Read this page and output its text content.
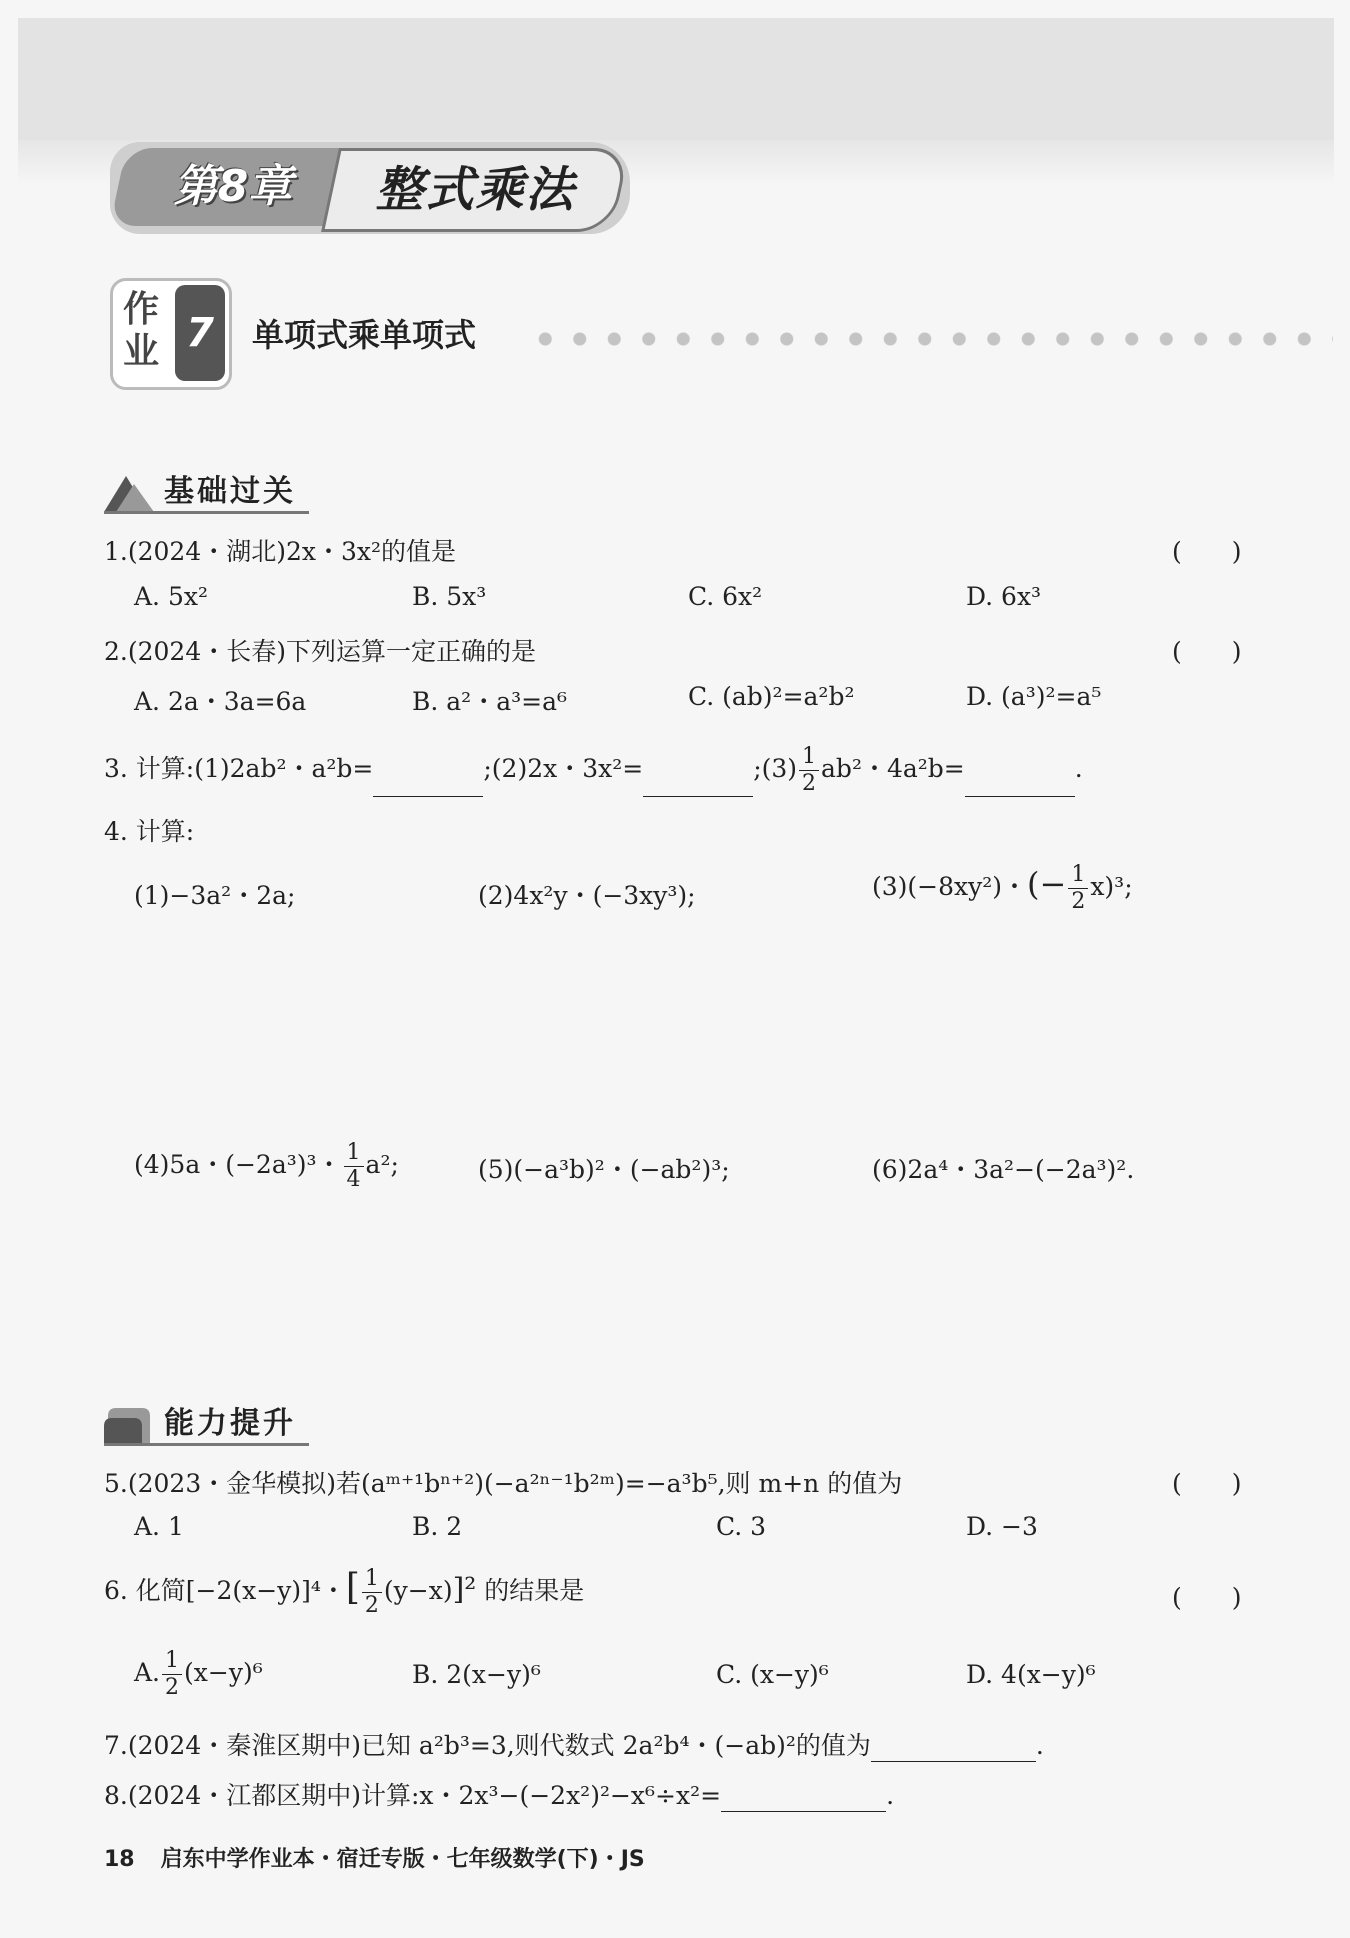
第8章	整式乘法
作业 7	单项式乘单项式
基础过关
1.(2024・湖北)2x・3x²的值是	(　　)
A. 5x²	B. 5x³	C. 6x²	D. 6x³
2.(2024・长春)下列运算一定正确的是	(　　)
A. 2a・3a=6a	B. a²・a³=a⁶	C. (ab)²=a²b²	D. (a³)²=a⁵
3. 计算:(1)2ab²・a²b=	;(2)2x・3x²=	;(3) $\frac{1}{2} ab^2$・4a²b=	.
4. 计算:
(1)−3a²・2a;	(2)4x²y・(−3xy³);	(3)(−8xy²)・(− $\frac{1}{2} x)^3$;
(4)5a・(−2a³)³・ $\frac{1}{4} a^2$;	(5)(−a³b)²・(−ab²)³;	(6)2a⁴・3a²−(−2a³)².
能力提升
5.(2023・金华模拟)若(aᵐ⁺¹bⁿ⁺²)(−a²ⁿ⁻¹b²ᵐ)=−a³b⁵,则 m+n 的值为	(　　)
A. 1	B. 2	C. 3	D. −3
6. 化简[−2(x−y)]⁴・[ $\frac{1}{2} (y-x)]^2$ 的结果是	(　　)
A. $\frac{1}{2} (x-y)^6$	B. 2(x−y)⁶	C. (x−y)⁶	D. 4(x−y)⁶
7.(2024・秦淮区期中)已知 a²b³=3,则代数式 2a²b⁴・(−ab)²的值为	.
8.(2024・江都区期中)计算:x・2x³−(−2x²)²−x⁶÷x²=	.
18 启东中学作业本・宿迁专版・七年级数学(下)・JS
